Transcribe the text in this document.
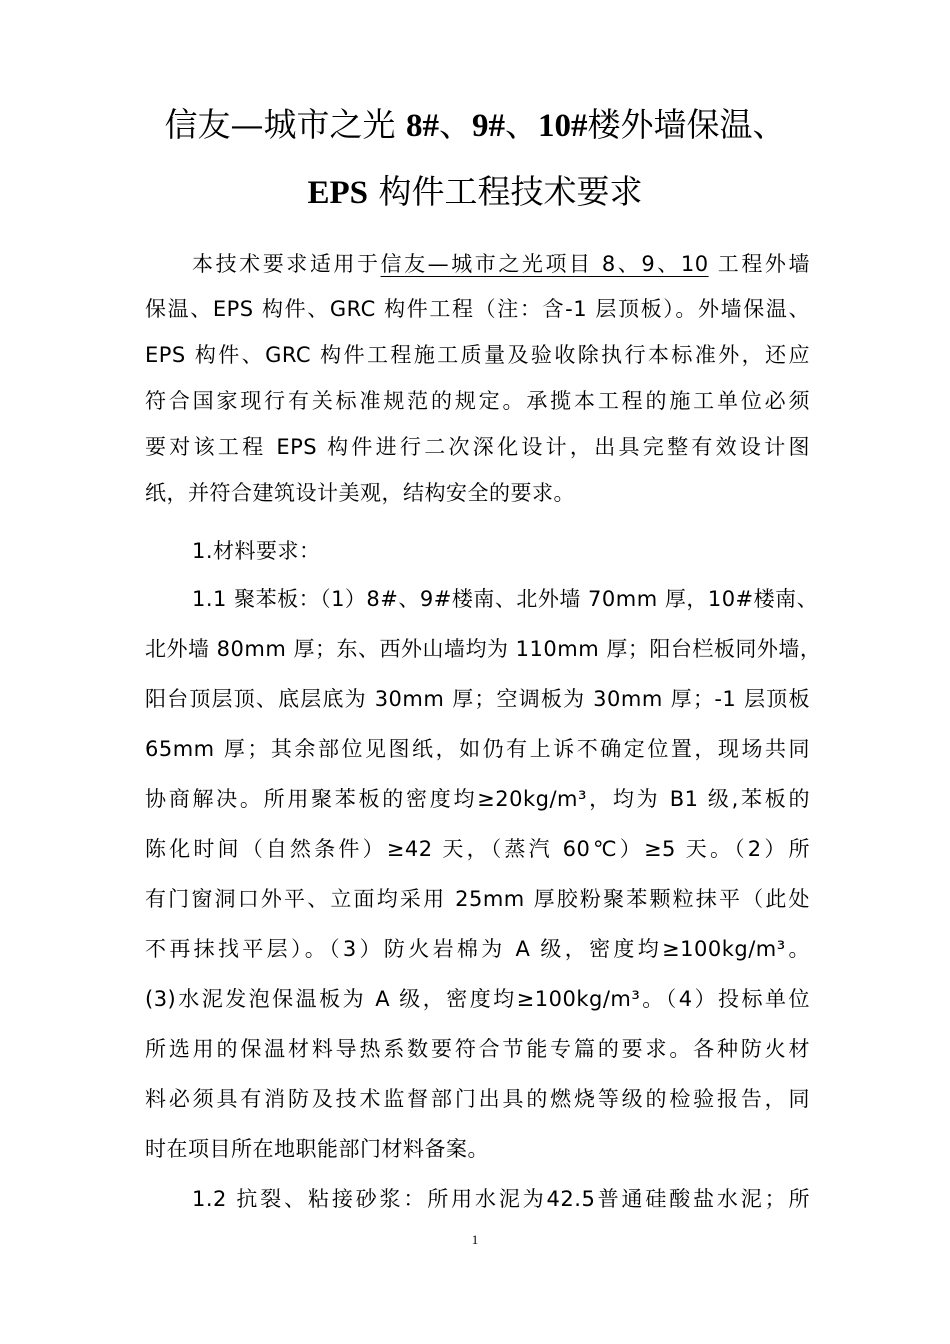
信友—城市之光 8#、9#、10#楼外墙保温、
EPS 构件工程技术要求
本技术要求适用于信友—城市之光项目 8、9、10 工程外墙
保温、EPS 构件、GRC 构件工程（注：含-1 层顶板）。外墙保温、
EPS 构件、GRC 构件工程施工质量及验收除执行本标准外，还应
符合国家现行有关标准规范的规定。承揽本工程的施工单位必须
要对该工程 EPS 构件进行二次深化设计，出具完整有效设计图
纸，并符合建筑设计美观，结构安全的要求。
1.材料要求：
1.1 聚苯板：（1）8#、9#楼南、北外墙 70mm 厚，10#楼南、
北外墙 80mm 厚；东、西外山墙均为 110mm 厚；阳台栏板同外墙，
阳台顶层顶、底层底为 30mm 厚；空调板为 30mm 厚；-1 层顶板
65mm 厚；其余部位见图纸，如仍有上诉不确定位置，现场共同
协商解决。所用聚苯板的密度均≥20kg/m³，均为 B1 级,苯板的
陈化时间（自然条件）≥42 天，（蒸汽 60℃）≥5 天。（2）所
有门窗洞口外平、立面均采用 25mm 厚胶粉聚苯颗粒抹平（此处
不再抹找平层）。（3）防火岩棉为 A 级，密度均≥100kg/m³。
(3)水泥发泡保温板为 A 级，密度均≥100kg/m³。（4）投标单位
所选用的保温材料导热系数要符合节能专篇的要求。各种防火材
料必须具有消防及技术监督部门出具的燃烧等级的检验报告，同
时在项目所在地职能部门材料备案。
1.2 抗裂、粘接砂浆：所用水泥为42.5普通硅酸盐水泥；所
1
